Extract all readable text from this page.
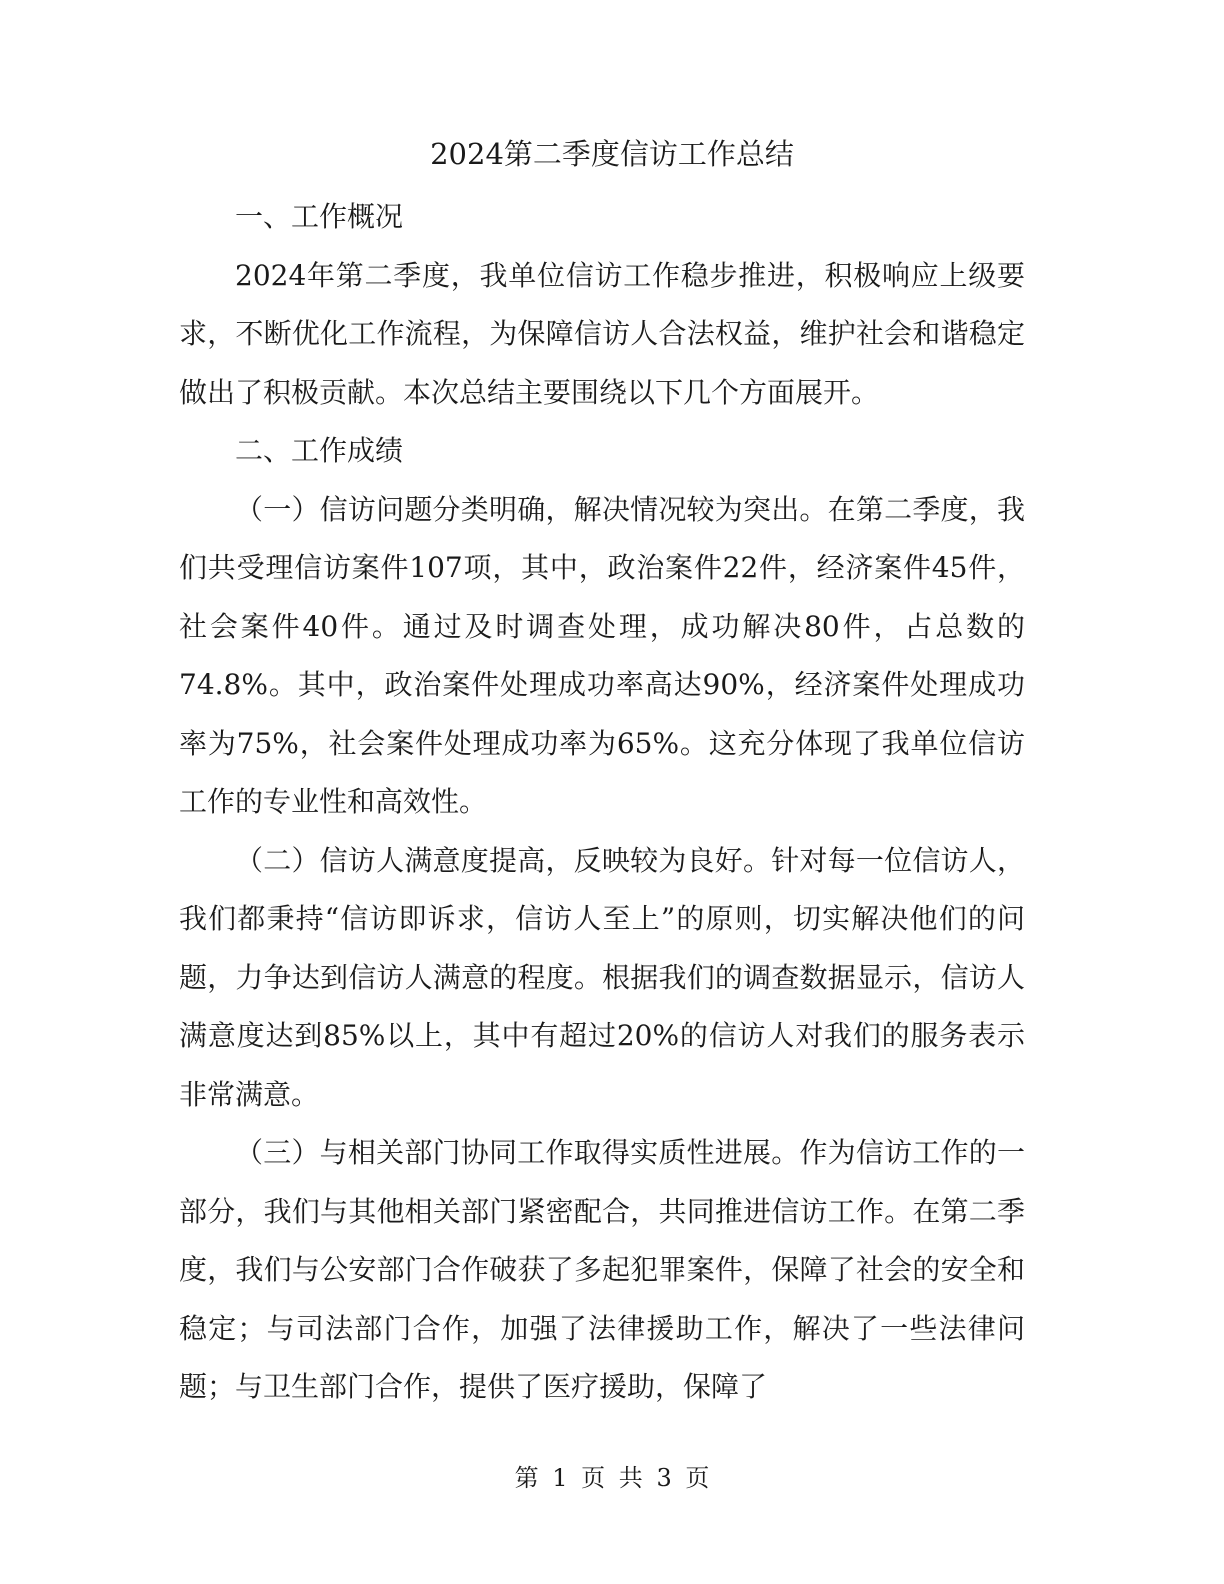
2024第二季度信访工作总结

一、工作概况

2024年第二季度，我单位信访工作稳步推进，积极响应上级要求，不断优化工作流程，为保障信访人合法权益，维护社会和谐稳定做出了积极贡献。本次总结主要围绕以下几个方面展开。

二、工作成绩

（一）信访问题分类明确，解决情况较为突出。在第二季度，我们共受理信访案件107项，其中，政治案件22件，经济案件45件，社会案件40件。通过及时调查处理，成功解决80件，占总数的74.8%。其中，政治案件处理成功率高达90%，经济案件处理成功率为75%，社会案件处理成功率为65%。这充分体现了我单位信访工作的专业性和高效性。

（二）信访人满意度提高，反映较为良好。针对每一位信访人，我们都秉持“信访即诉求，信访人至上”的原则，切实解决他们的问题，力争达到信访人满意的程度。根据我们的调查数据显示，信访人满意度达到85%以上，其中有超过20%的信访人对我们的服务表示非常满意。

（三）与相关部门协同工作取得实质性进展。作为信访工作的一部分，我们与其他相关部门紧密配合，共同推进信访工作。在第二季度，我们与公安部门合作破获了多起犯罪案件，保障了社会的安全和稳定；与司法部门合作，加强了法律援助工作，解决了一些法律问题；与卫生部门合作，提供了医疗援助，保障了

第 1 页 共 3 页
